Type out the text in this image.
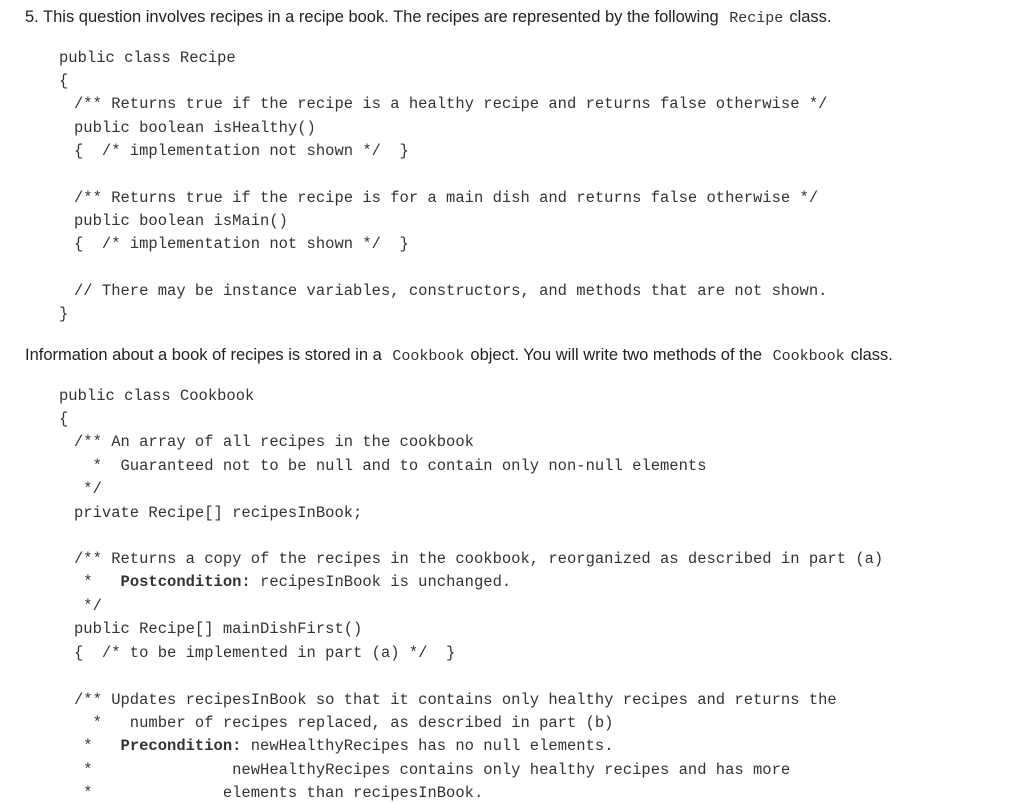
5. This question involves recipes in a recipe book. The recipes are represented by the following Recipe class.
public class Recipe
{
/** Returns true if the recipe is a healthy recipe and returns false otherwise */
public boolean isHealthy()
{  /* implementation not shown */  }
/** Returns true if the recipe is for a main dish and returns false otherwise */
public boolean isMain()
{  /* implementation not shown */  }
// There may be instance variables, constructors, and methods that are not shown.
}
Information about a book of recipes is stored in a Cookbook object. You will write two methods of the Cookbook class.
public class Cookbook
{
/** An array of all recipes in the cookbook
*  Guaranteed not to be null and to contain only non-null elements
*/
private Recipe[] recipesInBook;
/** Returns a copy of the recipes in the cookbook, reorganized as described in part (a)
*   Postcondition: recipesInBook is unchanged.
*/
public Recipe[] mainDishFirst()
{  /* to be implemented in part (a) */  }
/** Updates recipesInBook so that it contains only healthy recipes and returns the
*   number of recipes replaced, as described in part (b)
*   Precondition: newHealthyRecipes has no null elements.
*               newHealthyRecipes contains only healthy recipes and has more
*              elements than recipesInBook.
